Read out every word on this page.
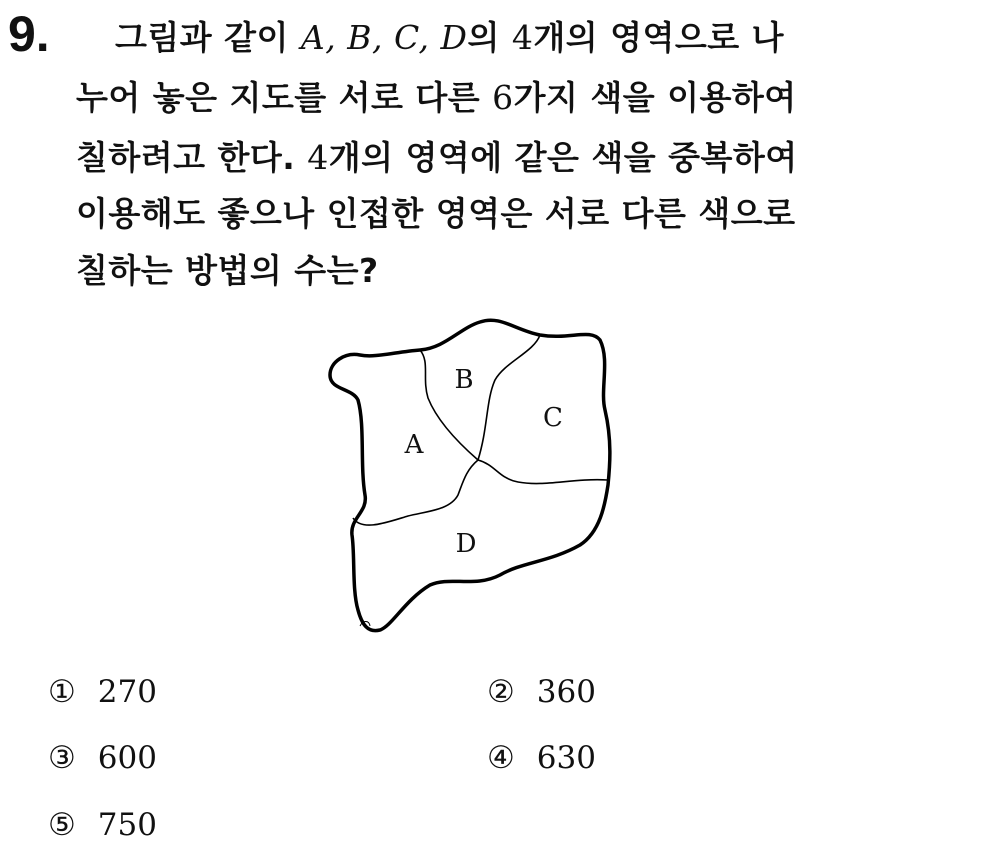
9.	그림과 같이 A, B, C, D의 4개의 영역으로 나
누어 놓은 지도를 서로 다른 6가지 색을 이용하여
칠하려고 한다. 4개의 영역에 같은 색을 중복하여
이용해도 좋으나 인접한 영역은 서로 다른 색으로
칠하는 방법의 수는?
B
C
A
D
① 270	② 360
③ 600	④ 630
⑤ 750
